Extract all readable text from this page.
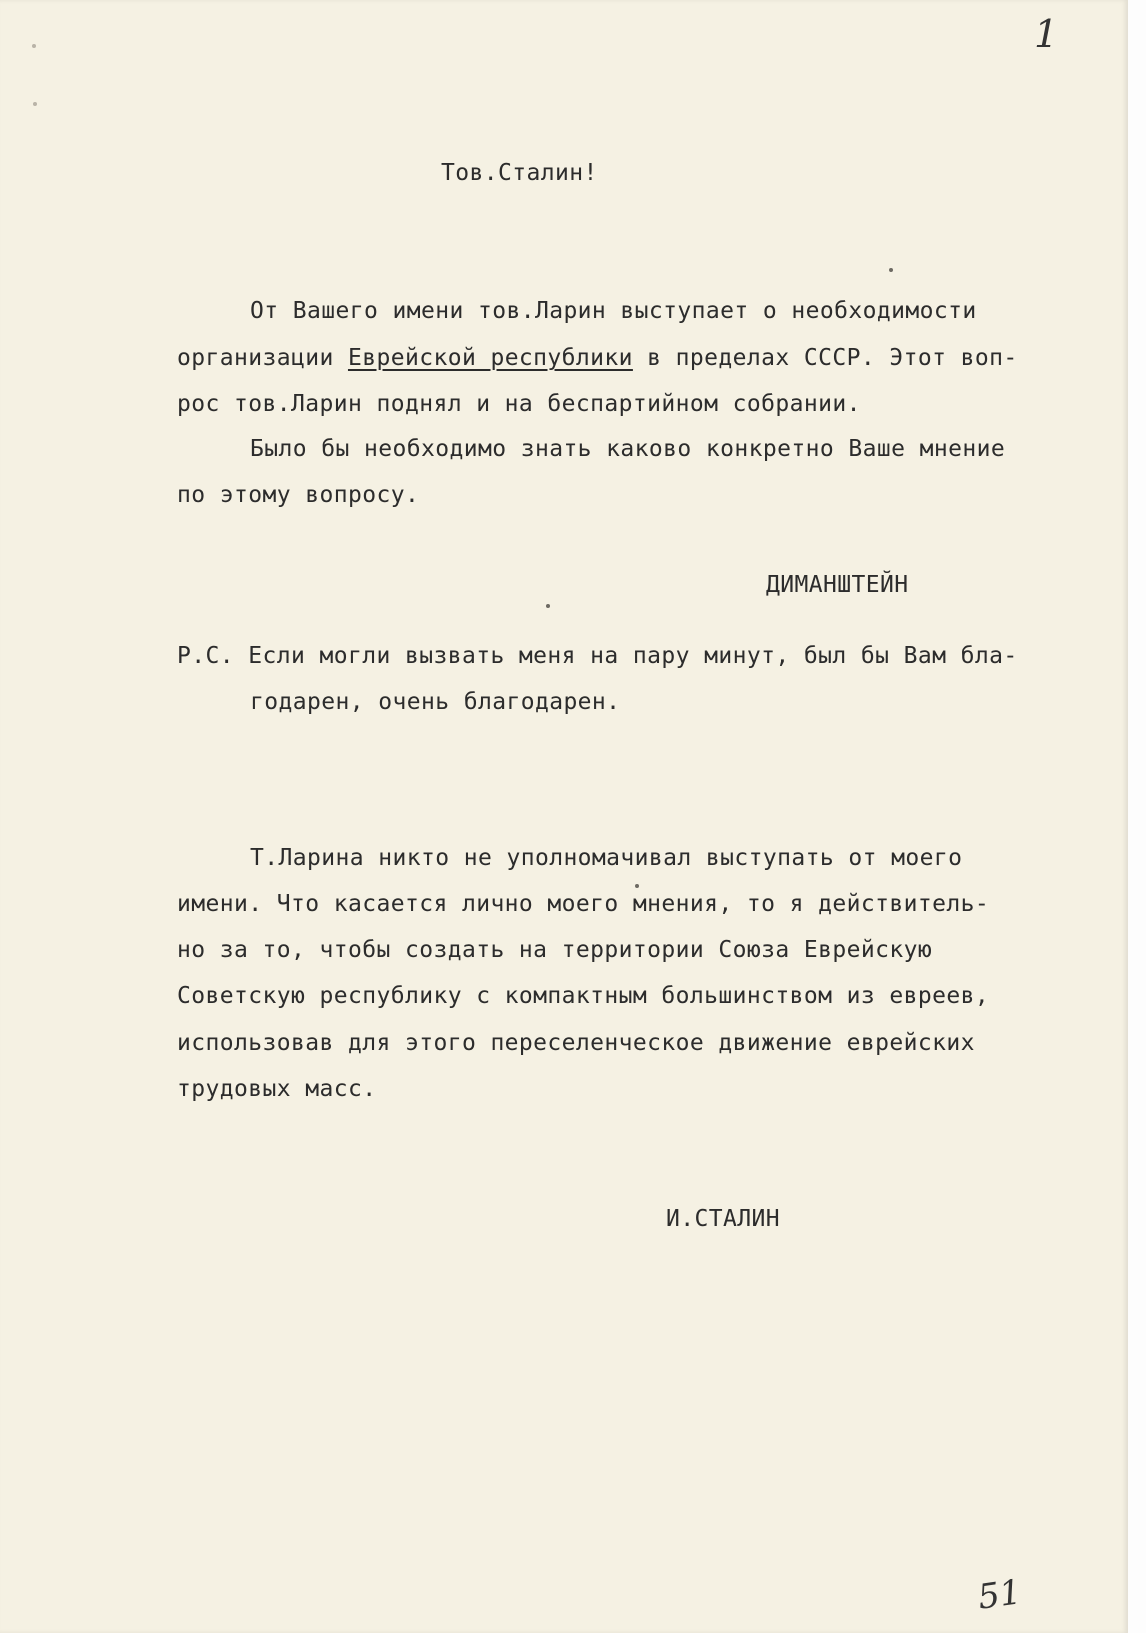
1

Тов.Сталин!

От Вашего имени тов.Ларин выступает о необходимости

организации Еврейской республики в пределах СССР. Этот воп-

рос тов.Ларин поднял и на беспартийном собрании.

Было бы необходимо знать каково конкретно Ваше мнение

по этому вопросу.

ДИМАНШТЕЙН

Р.С. Если могли вызвать меня на пару минут, был бы Вам бла-

годарен, очень благодарен.

Т.Ларина никто не уполномачивал выступать от моего

имени. Что касается лично моего мнения, то я действитель-

но за то, чтобы создать на территории Союза Еврейскую

Советскую республику с компактным большинством из евреев,

использовав для этого переселенческое движение еврейских

трудовых масс.

И.СТАЛИН

51
